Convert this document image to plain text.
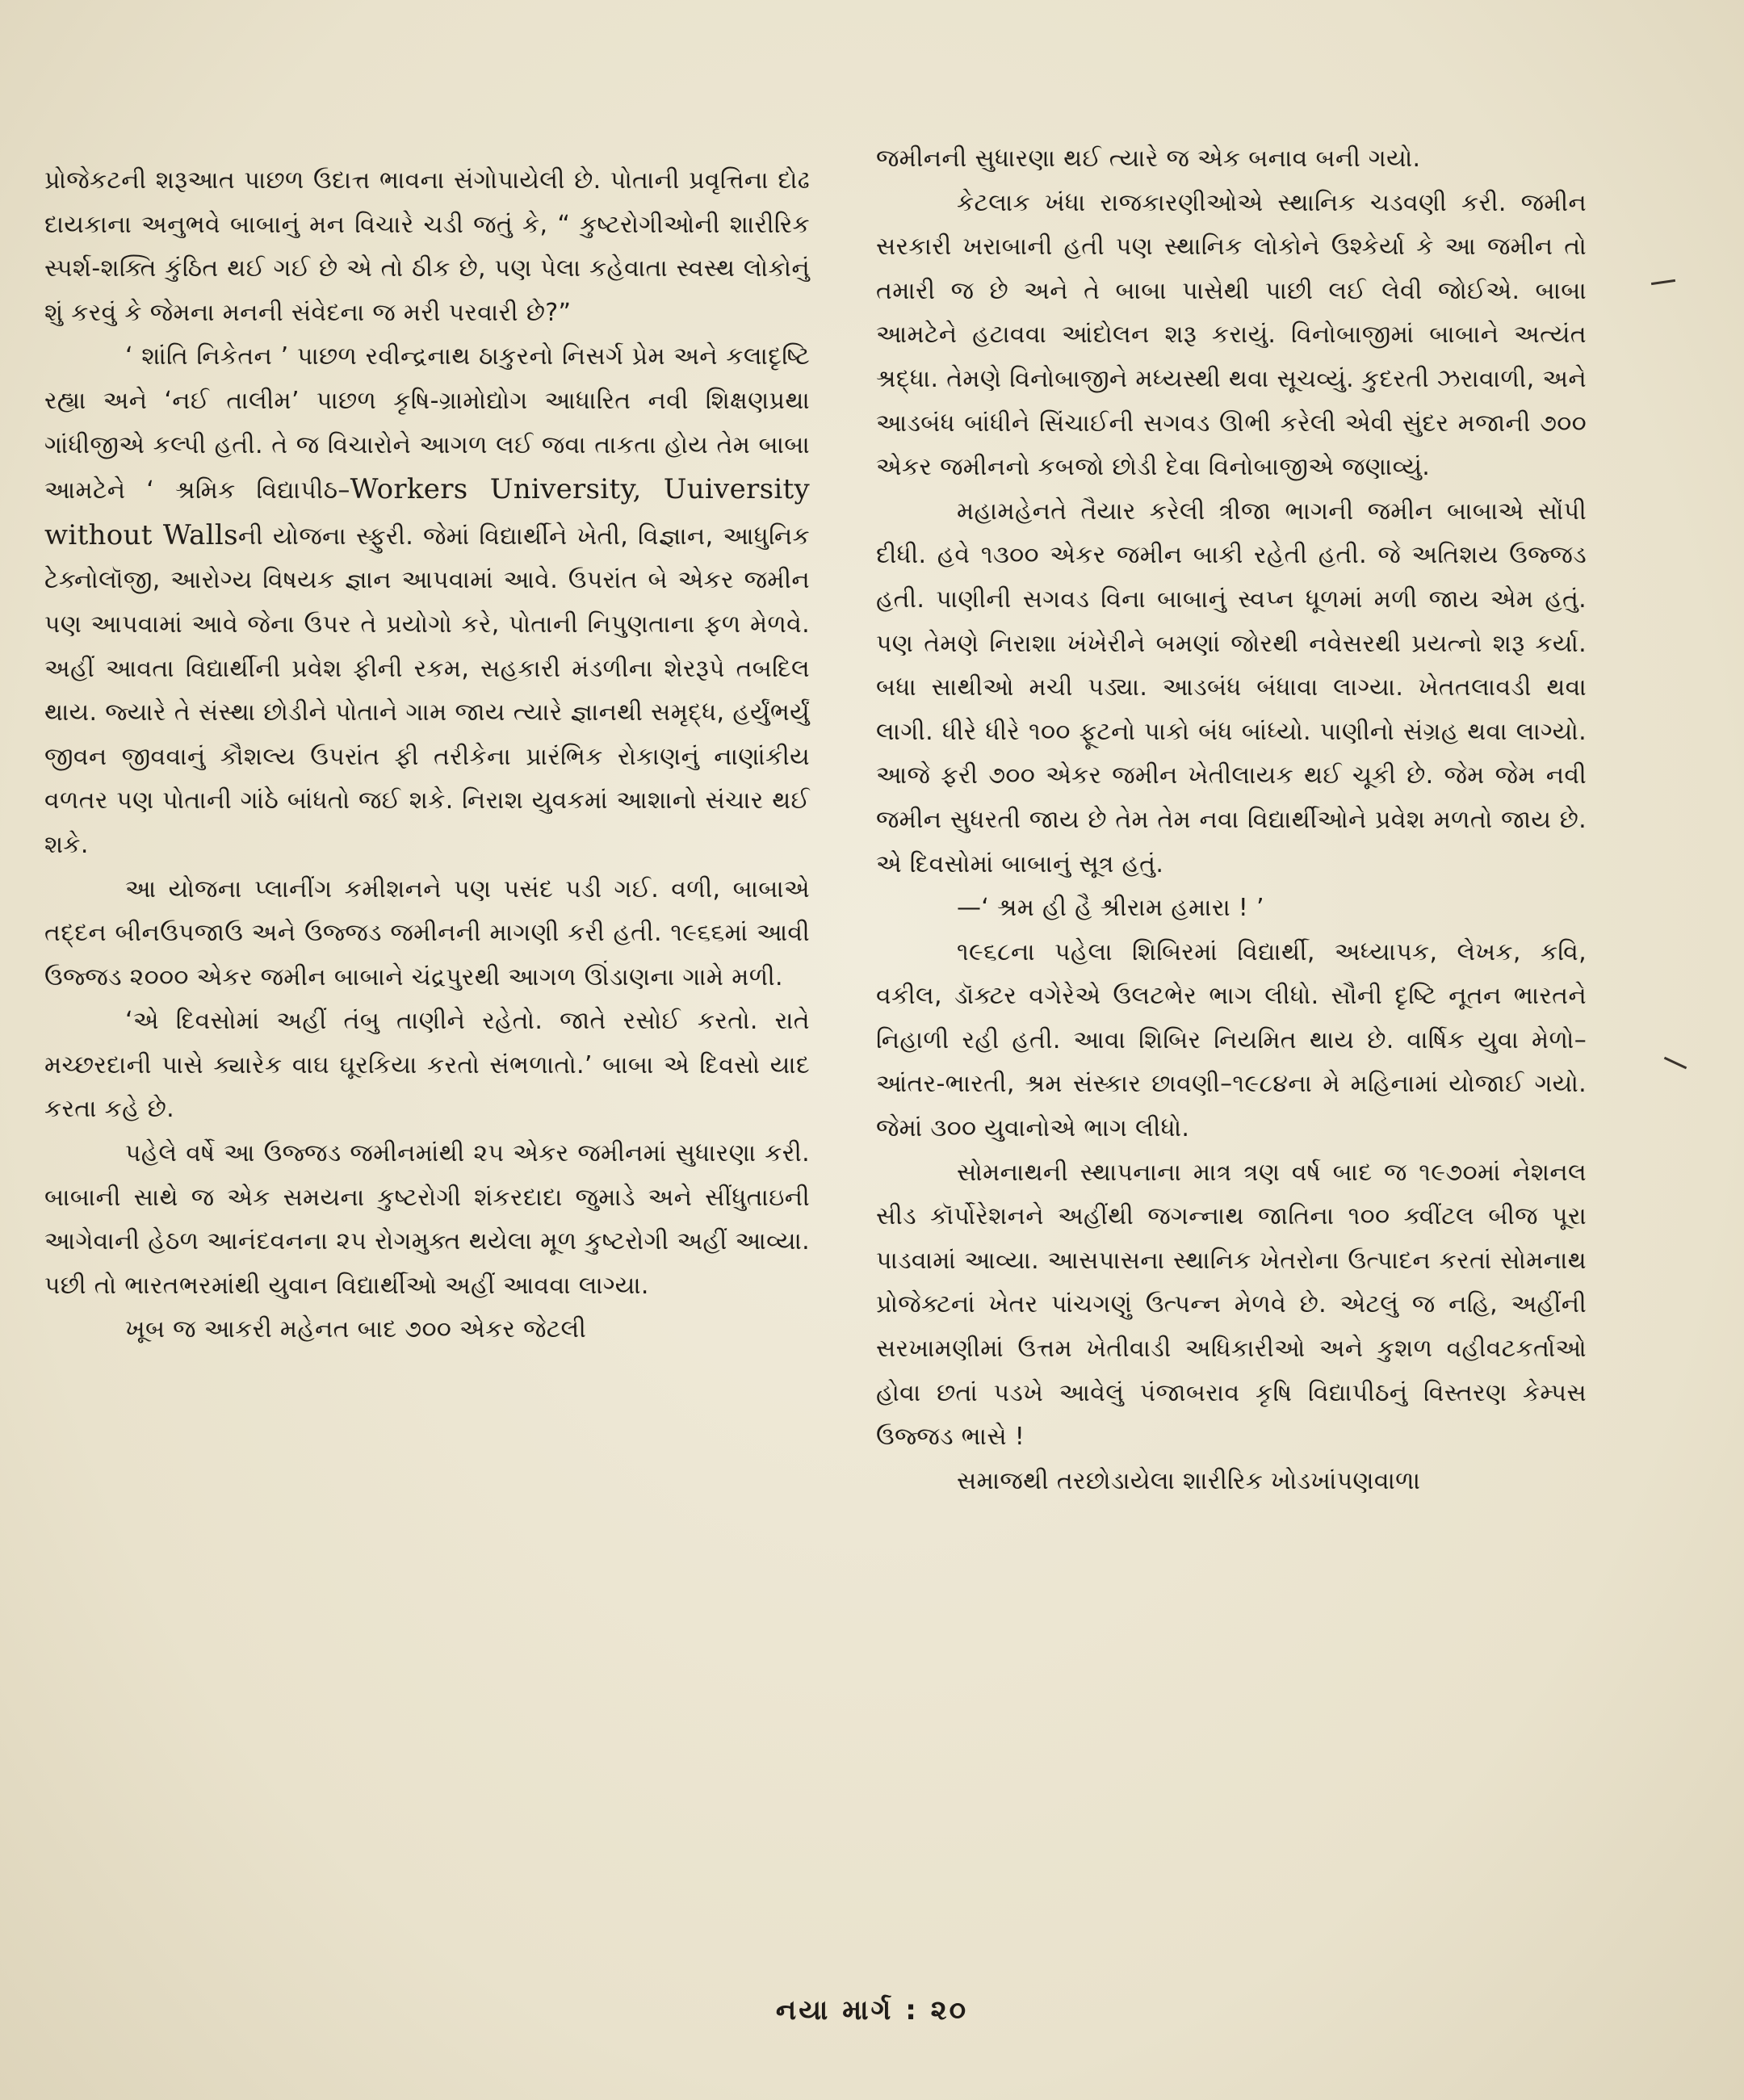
પ્રોજેકટની શરૂઆત પાછળ ઉદાત્ત ભાવના સંગોપાયેલી છે. પોતાની પ્રવૃત્તિના દોઢ દાયકાના અનુભવે બાબાનું મન વિચારે ચડી જતું કે, “ કુષ્ટરોગીઓની શારીરિક સ્પર્શ-શક્તિ કુંઠિત થઈ ગઈ છે એ તો ઠીક છે, પણ પેલા કહેવાતા સ્વસ્થ લોકોનું શું કરવું કે જેમના મનની સંવેદના જ મરી પરવારી છે?”

‘ શાંતિ નિકેતન ’ પાછળ રવીન્દ્રનાથ ઠાકુરનો નિસર્ગ પ્રેમ અને કલાદૃષ્ટિ રહ્યા અને ‘નઈ તાલીમ’ પાછળ કૃષિ-ગ્રામોદ્યોગ આધારિત નવી શિક્ષણપ્રથા ગાંધીજીએ કલ્પી હતી. તે જ વિચારોને આગળ લઈ જવા તાકતા હોય તેમ બાબા આમટેને ‘ શ્રમિક વિદ્યાપીઠ–Workers University, Uuiversity without Wallsની યોજના સ્ફુરી. જેમાં વિદ્યાર્થીને ખેતી, વિજ્ઞાન, આધુનિક ટેક્નોલૉજી, આરોગ્ય વિષયક જ્ઞાન આપવામાં આવે. ઉપરાંત બે એકર જમીન પણ આપવામાં આવે જેના ઉપર તે પ્રયોગો કરે, પોતાની નિપુણતાના ફળ મેળવે. અહીં આવતા વિદ્યાર્થીની પ્રવેશ ફીની રકમ, સહકારી મંડળીના શેરરૂપે તબદિલ થાય. જ્યારે તે સંસ્થા છોડીને પોતાને ગામ જાય ત્યારે જ્ઞાનથી સમૃદ્ધ, હર્યુંભર્યું જીવન જીવવાનું કૌશલ્ય ઉપરાંત ફી તરીકેના પ્રારંભિક રોકાણનું નાણાંકીય વળતર પણ પોતાની ગાંઠે બાંધતો જઈ શકે. નિરાશ યુવકમાં આશાનો સંચાર થઈ શકે.

આ યોજના પ્લાનીંગ કમીશનને પણ પસંદ પડી ગઈ. વળી, બાબાએ તદ્દન બીનઉપજાઉ અને ઉજ્જડ જમીનની માગણી કરી હતી. ૧૯૬૬માં આવી ઉજ્જડ ૨૦૦૦ એકર જમીન બાબાને ચંદ્રપુરથી આગળ ઊંડાણના ગામે મળી.

‘એ દિવસોમાં અહીં તંબુ તાણીને રહેતો. જાતે રસોઈ કરતો. રાતે મચ્છરદાની પાસે ક્યારેક વાઘ ઘૂરકિયા કરતો સંભળાતો.’ બાબા એ દિવસો યાદ કરતા કહે છે.

પહેલે વર્ષે આ ઉજ્જડ જમીનમાંથી ૨૫ એકર જમીનમાં સુધારણા કરી. બાબાની સાથે જ એક સમયના કુષ્ટરોગી શંકરદાદા જુમાડે અને સીંધુતાઇની આગેવાની હેઠળ આનંદવનના ૨૫ રોગમુક્ત થયેલા મૂળ કુષ્ટરોગી અહીં આવ્યા. પછી તો ભારતભરમાંથી યુવાન વિદ્યાર્થીઓ અહીં આવવા લાગ્યા.

ખૂબ જ આકરી મહેનત બાદ ૭૦૦ એકર જેટલી

જમીનની સુધારણા થઈ ત્યારે જ એક બનાવ બની ગયો.

કેટલાક ખંધા રાજકારણીઓએ સ્થાનિક ચડવણી કરી. જમીન સરકારી ખરાબાની હતી પણ સ્થાનિક લોકોને ઉશ્કેર્યા કે આ જમીન તો તમારી જ છે અને તે બાબા પાસેથી પાછી લઈ લેવી જોઈએ. બાબા આમટેને હટાવવા આંદોલન શરૂ કરાયું. વિનોબાજીમાં બાબાને અત્યંત શ્રદ્ધા. તેમણે વિનોબાજીને મધ્યસ્થી થવા સૂચવ્યું. કુદરતી ઝરાવાળી, અને આડબંધ બાંધીને સિંચાઈની સગવડ ઊભી કરેલી એવી સુંદર મજાની ૭૦૦ એકર જમીનનો કબજો છોડી દેવા વિનોબાજીએ જણાવ્યું.

મહામહેનતે તૈયાર કરેલી ત્રીજા ભાગની જમીન બાબાએ સોંપી દીધી. હવે ૧૩૦૦ એકર જમીન બાકી રહેતી હતી. જે અતિશય ઉજ્જડ હતી. પાણીની સગવડ વિના બાબાનું સ્વપ્ન ધૂળમાં મળી જાય એમ હતું. પણ તેમણે નિરાશા ખંખેરીને બમણાં જોરથી નવેસરથી પ્રયત્નો શરૂ કર્યા. બધા સાથીઓ મચી પડ્યા. આડબંધ બંધાવા લાગ્યા. ખેતતલાવડી થવા લાગી. ધીરે ધીરે ૧૦૦ ફૂટનો પાકો બંધ બાંધ્યો. પાણીનો સંગ્રહ થવા લાગ્યો. આજે ફરી ૭૦૦ એકર જમીન ખેતીલાયક થઈ ચૂકી છે. જેમ જેમ નવી જમીન સુધરતી જાય છે તેમ તેમ નવા વિદ્યાર્થીઓને પ્રવેશ મળતો જાય છે. એ દિવસોમાં બાબાનું સૂત્ર હતું.

—‘ શ્રમ હી હૈ શ્રીરામ હમારા ! ’

૧૯૬૮ના પહેલા શિબિરમાં વિદ્યાર્થી, અધ્યાપક, લેખક, કવિ, વકીલ, ડૉક્ટર વગેરેએ ઉલટભેર ભાગ લીધો. સૌની દૃષ્ટિ નૂતન ભારતને નિહાળી રહી હતી. આવા શિબિર નિયમિત થાય છે. વાર્ષિક યુવા મેળો–આંતર-ભારતી, શ્રમ સંસ્કાર છાવણી–૧૯૮૪ના મે મહિનામાં યોજાઈ ગયો. જેમાં ૩૦૦ યુવાનોએ ભાગ લીધો.

સોમનાથની સ્થાપનાના માત્ર ત્રણ વર્ષ બાદ જ ૧૯૭૦માં નેશનલ સીડ કૉર્પોરેશનને અહીંથી જગન્નાથ જાતિના ૧૦૦ ક્વીંટલ બીજ પૂરા પાડવામાં આવ્યા. આસપાસના સ્થાનિક ખેતરોના ઉત્પાદન કરતાં સોમનાથ પ્રોજેક્ટનાં ખેતર પાંચગણું ઉત્પન્ન મેળવે છે. એટલું જ નહિ, અહીંની સરખામણીમાં ઉત્તમ ખેતીવાડી અધિકારીઓ અને કુશળ વહીવટકર્તાઓ હોવા છતાં પડખે આવેલું પંજાબરાવ કૃષિ વિદ્યાપીઠનું વિસ્તરણ કેમ્પસ ઉજ્જડ ભાસે !

સમાજથી તરછોડાયેલા શારીરિક ખોડખાંપણવાળા

નયા માર્ગ : ૨૦
